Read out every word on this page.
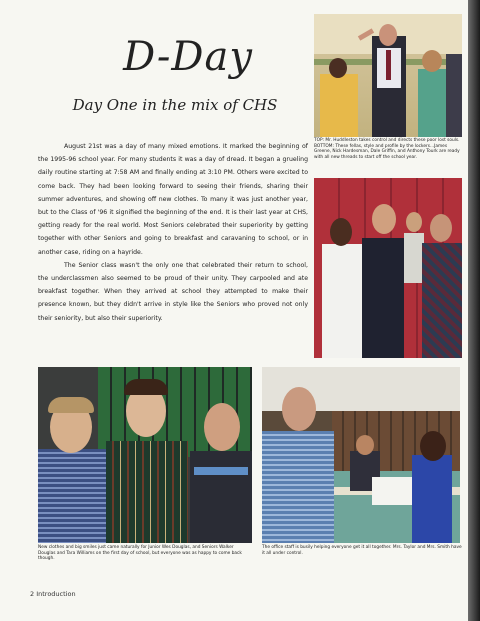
D-Day
Day One in the mix of CHS

August 21st was a day of many mixed emotions. It marked the beginning of the 1995-96 school year. For many students it was a day of dread. It began a grueling daily routine starting at 7:58 AM and finally ending at 3:10 PM. Others were excited to come back. They had been looking forward to seeing their friends, sharing their summer adventures, and showing off new clothes. To many it was just another year, but to the Class of '96 it signified the beginning of the end. It is their last year at CHS, getting ready for the real world. Most Seniors celebrated their superiority by getting together with other Seniors and going to breakfast and caravaning to school, or in another case, riding on a hayride.

The Senior class wasn't the only one that celebrated their return to school, the underclassmen also seemed to be proud of their unity. They carpooled and ate breakfast together. When they arrived at school they attempted to make their presence known, but they didn't arrive in style like the Seniors who proved not only their seniority, but also their superiority.

TOP: Mr. Huddleston takes control and directs these poor lost souls. BOTTOM: These fellas, style and profile by the lockers...James Greene, Nick Hardesman, Dale Griffin, and Anthony Tourk are ready with all new threads to start off the school year.
New clothes and big smiles just came naturally for Junior Wes Douglas, and Seniors Walker Douglas and Tara Williams on the first day of school, but everyone was as happy to come back though.
The office staff is busily helping everyone get it all together. Mrs. Taylor and Mrs. Smith have it all under control.
2 Introduction
